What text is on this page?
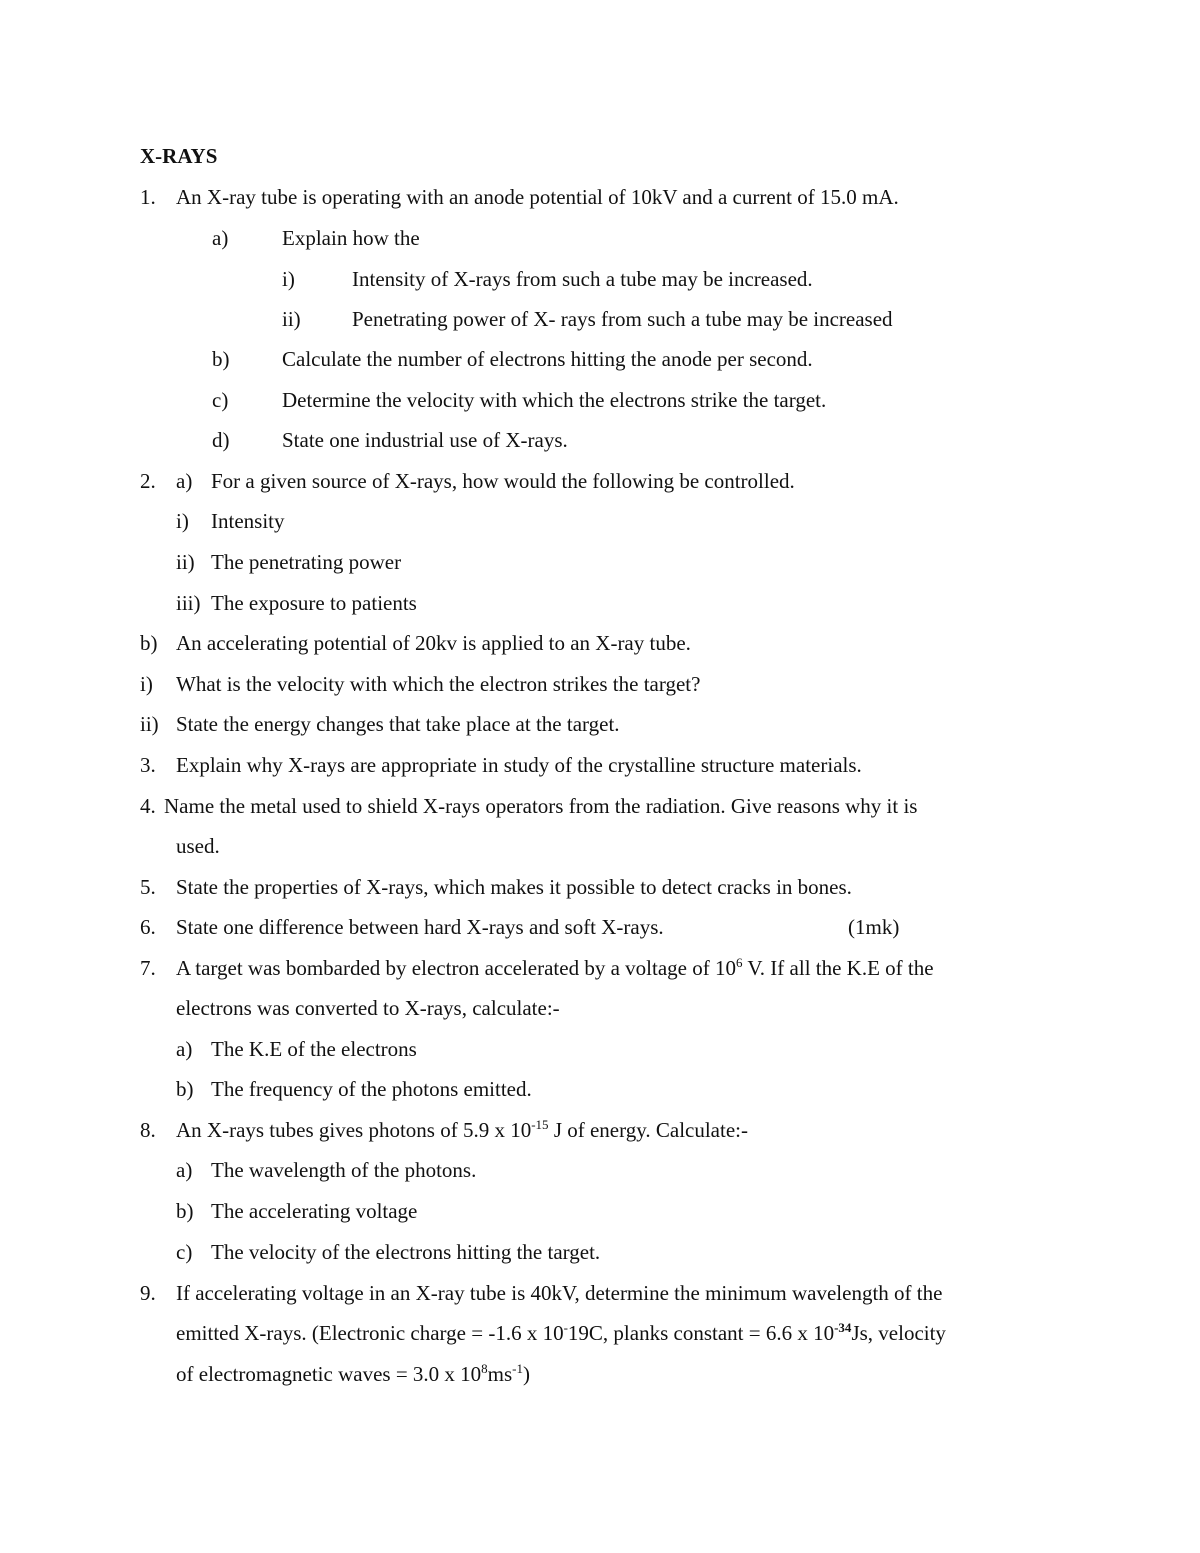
X-RAYS
1. An X-ray tube is operating with an anode potential of 10kV and a current of 15.0 mA.
a)	Explain how the
i)	Intensity of X-rays from such a tube may be increased.
ii) Penetrating power of X- rays from such a tube may be increased
b)	Calculate the number of electrons hitting the anode per second.
c)	Determine the velocity with which the electrons strike the target.
d)	State one industrial use of X-rays.
2. a) For a given source of X-rays, how would the following be controlled.
i) Intensity
ii) The penetrating power
iii) The exposure to patients
b) An accelerating potential of 20kv is applied to an X-ray tube.
i) What is the velocity with which the electron strikes the target?
ii) State the energy changes that take place at the target.
3. Explain why X-rays are appropriate in study of the crystalline structure materials.
4. Name the metal used to shield X-rays operators from the radiation. Give reasons why it is
used.
5. State the properties of X-rays, which makes it possible to detect cracks in bones.
6. State one difference between hard X-rays and soft X-rays.	(1mk)
7. A target was bombarded by electron accelerated by a voltage of $10^6$ V. If all the K.E of the
electrons was converted to X-rays, calculate:-
a) The K.E of the electrons
b) The frequency of the photons emitted.
8. An X-rays tubes gives photons of 5.9 x $10^{-15}$ J of energy. Calculate:-
a) The wavelength of the photons.
b) The accelerating voltage
c) The velocity of the electrons hitting the target.
9. If accelerating voltage in an X-ray tube is 40kV, determine the minimum wavelength of the
emitted X-rays. (Electronic charge = -1.6 x 10-19C, planks constant = 6.6 x $10^{-34}Js$, velocity
of electromagnetic waves = 3.0 x $10^8ms^{-1}$)
